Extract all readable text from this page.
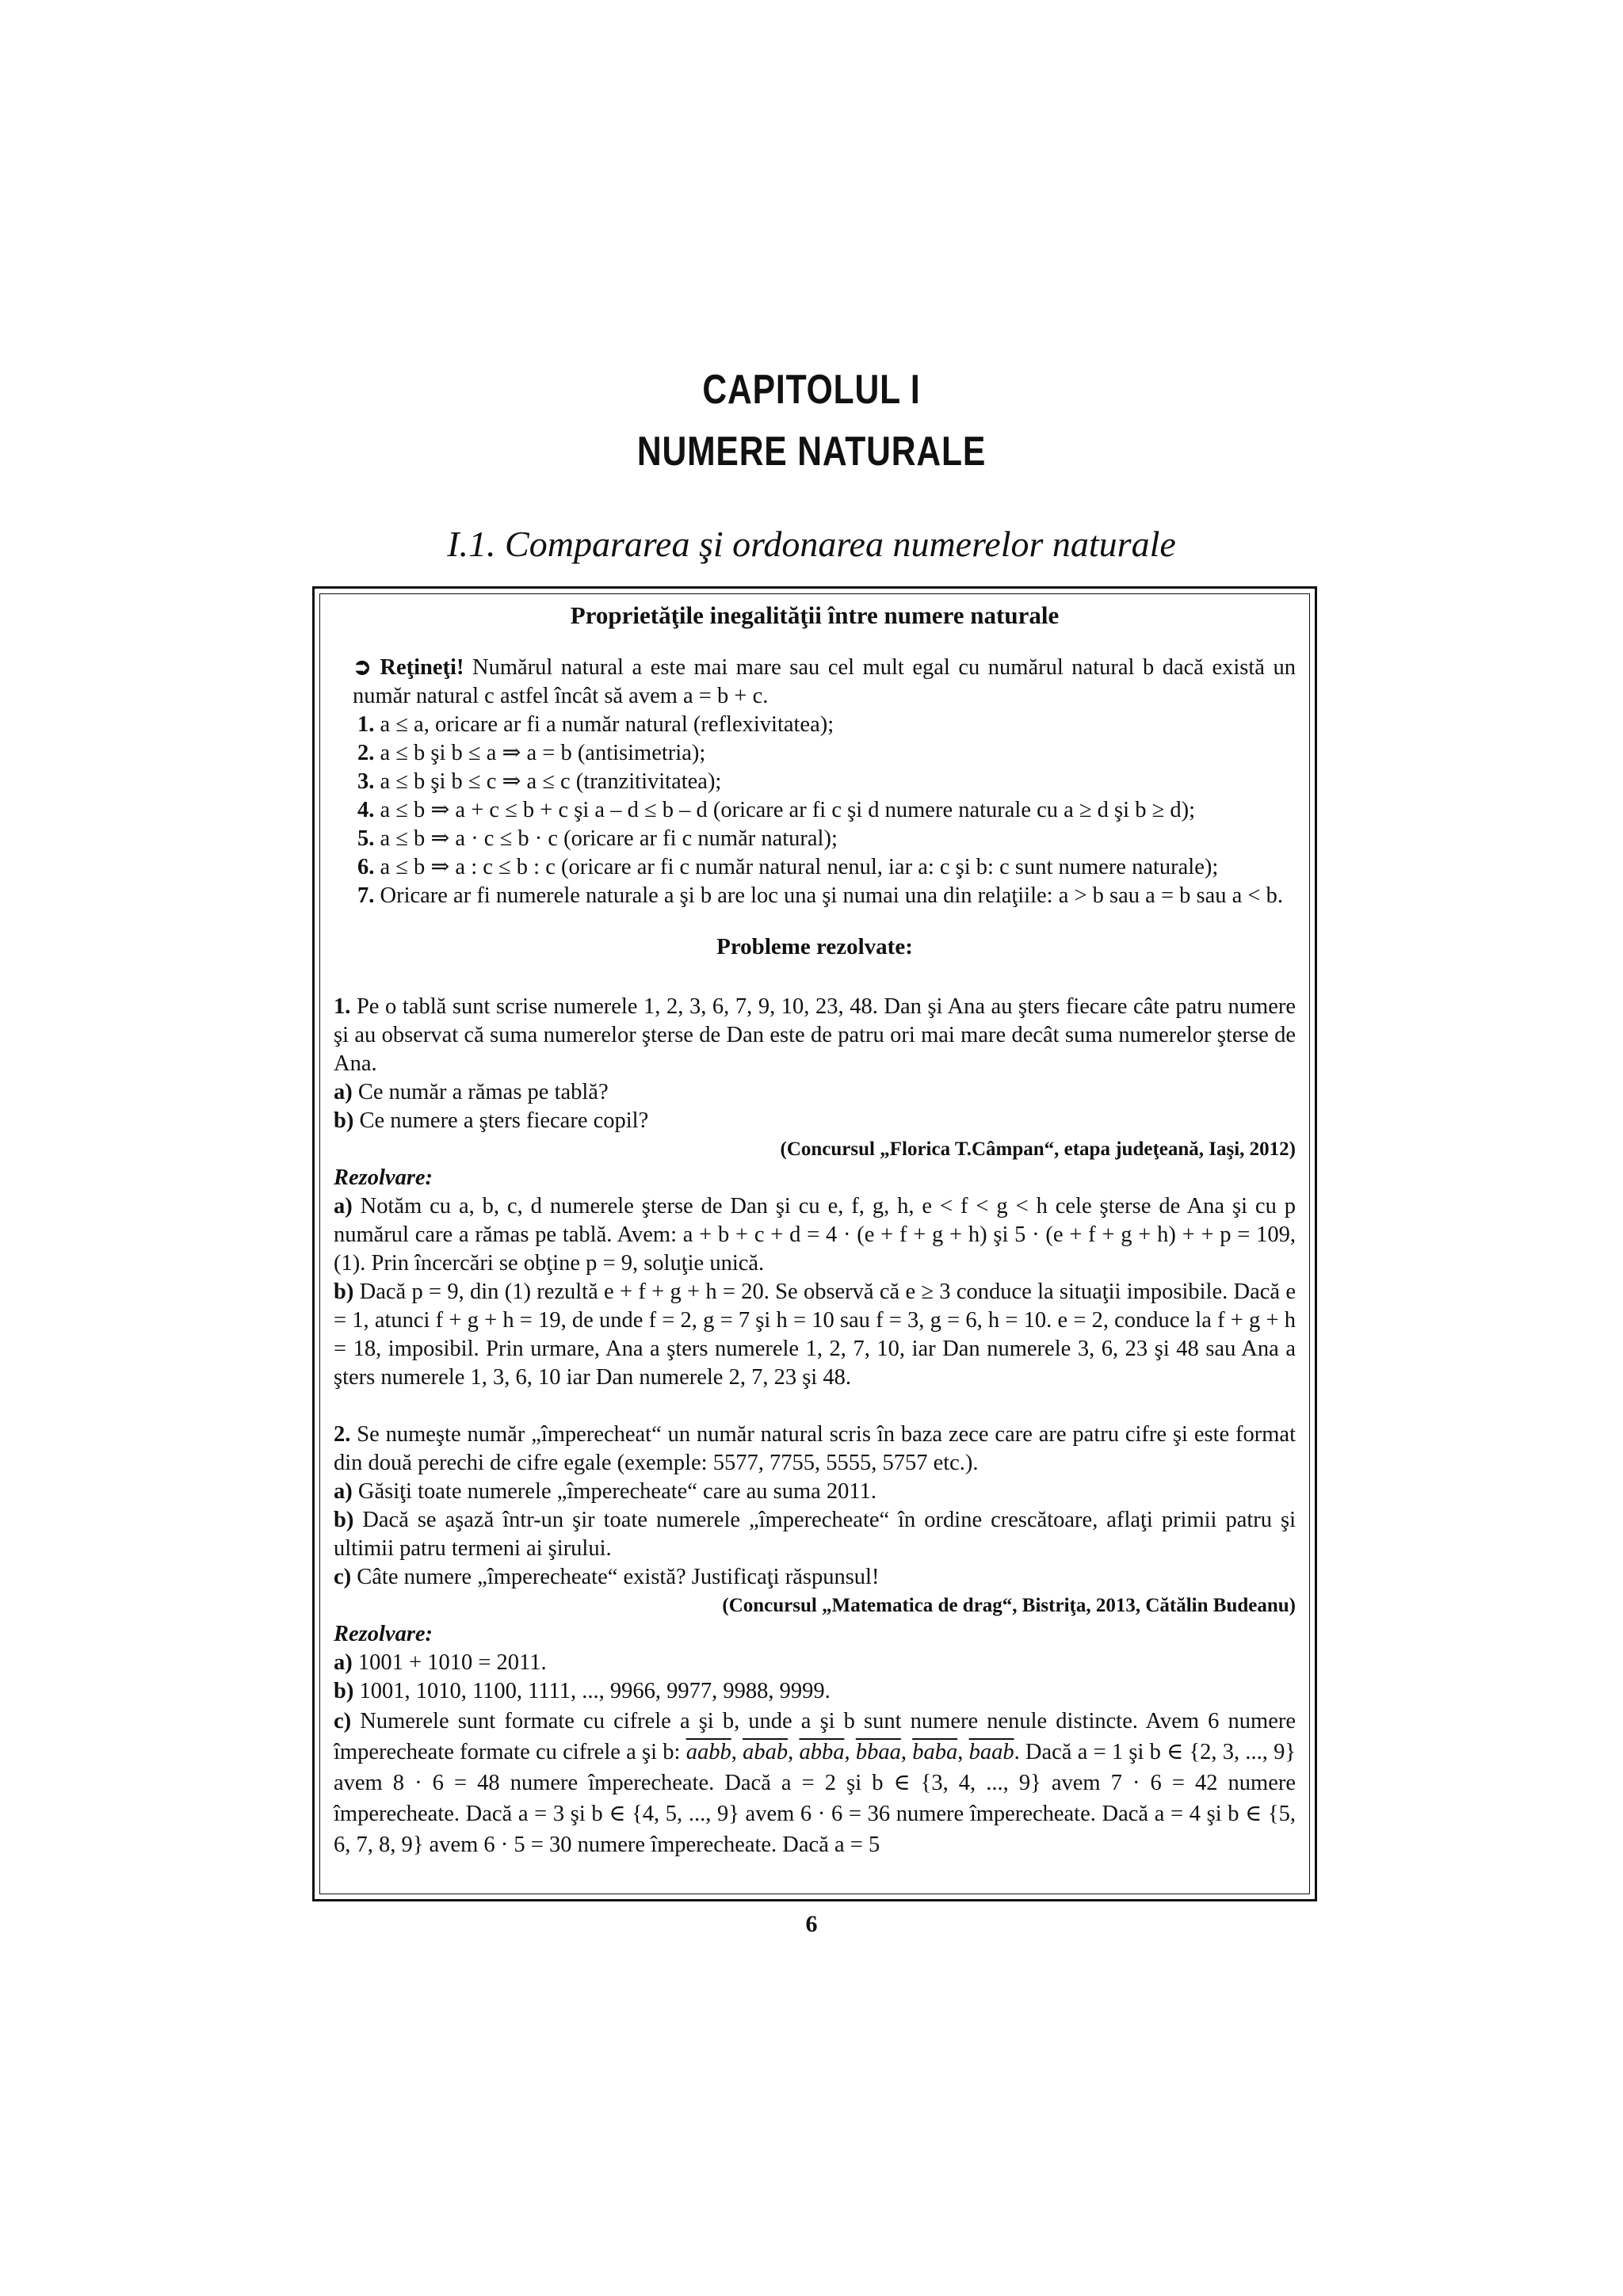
CAPITOLUL I
NUMERE NATURALE
I.1. Compararea şi ordonarea numerelor naturale

Proprietăţile inegalităţii între numere naturale

➲ Reţineţi! Numărul natural a este mai mare sau cel mult egal cu numărul natural b dacă există un număr natural c astfel încât să avem a = b + c.

1. a ≤ a, oricare ar fi a număr natural (reflexivitatea);

2. a ≤ b şi b ≤ a ⇒ a = b (antisimetria);

3. a ≤ b şi b ≤ c ⇒ a ≤ c (tranzitivitatea);

4. a ≤ b ⇒ a + c ≤ b + c şi a – d ≤ b – d (oricare ar fi c şi d numere naturale cu a ≥ d şi b ≥ d);

5. a ≤ b ⇒ a · c ≤ b · c (oricare ar fi c număr natural);

6. a ≤ b ⇒ a : c ≤ b : c (oricare ar fi c număr natural nenul, iar a: c şi b: c sunt numere naturale);

7. Oricare ar fi numerele naturale a şi b are loc una şi numai una din relaţiile: a > b sau a = b sau a < b.

Probleme rezolvate:

1. Pe o tablă sunt scrise numerele 1, 2, 3, 6, 7, 9, 10, 23, 48. Dan şi Ana au şters fiecare câte patru numere şi au observat că suma numerelor şterse de Dan este de patru ori mai mare decât suma numerelor şterse de Ana.

a) Ce număr a rămas pe tablă?

b) Ce numere a şters fiecare copil?

(Concursul „Florica T.Câmpan“, etapa judeţeană, Iaşi, 2012)

Rezolvare:

a) Notăm cu a, b, c, d numerele şterse de Dan şi cu e, f, g, h, e < f < g < h cele şterse de Ana şi cu p numărul care a rămas pe tablă. Avem: a + b + c + d = 4 · (e + f + g + h) şi 5 · (e + f + g + h) + + p = 109, (1). Prin încercări se obţine p = 9, soluţie unică.

b) Dacă p = 9, din (1) rezultă e + f + g + h = 20. Se observă că e ≥ 3 conduce la situaţii imposibile. Dacă e = 1, atunci f + g + h = 19, de unde f = 2, g = 7 şi h = 10 sau f = 3, g = 6, h = 10. e = 2, conduce la f + g + h = 18, imposibil. Prin urmare, Ana a şters numerele 1, 2, 7, 10, iar Dan numerele 3, 6, 23 şi 48 sau Ana a şters numerele 1, 3, 6, 10 iar Dan numerele 2, 7, 23 şi 48.

2. Se numeşte număr „împerecheat“ un număr natural scris în baza zece care are patru cifre şi este format din două perechi de cifre egale (exemple: 5577, 7755, 5555, 5757 etc.).

a) Găsiţi toate numerele „împerecheate“ care au suma 2011.

b) Dacă se aşază într-un şir toate numerele „împerecheate“ în ordine crescătoare, aflaţi primii patru şi ultimii patru termeni ai şirului.

c) Câte numere „împerecheate“ există? Justificaţi răspunsul!

(Concursul „Matematica de drag“, Bistriţa, 2013, Cătălin Budeanu)

Rezolvare:

a) 1001 + 1010 = 2011.

b) 1001, 1010, 1100, 1111, ..., 9966, 9977, 9988, 9999.

c) Numerele sunt formate cu cifrele a şi b, unde a şi b sunt numere nenule distincte. Avem 6 numere împerecheate formate cu cifrele a şi b: aabb, abab, abba, bbaa, baba, baab. Dacă a = 1 şi b ∈ {2, 3, ..., 9} avem 8 · 6 = 48 numere împerecheate. Dacă a = 2 şi b ∈ {3, 4, ..., 9} avem 7 · 6 = 42 numere împerecheate. Dacă a = 3 şi b ∈ {4, 5, ..., 9} avem 6 · 6 = 36 numere împerecheate. Dacă a = 4 şi b ∈ {5, 6, 7, 8, 9} avem 6 · 5 = 30 numere împerecheate. Dacă a = 5

6
